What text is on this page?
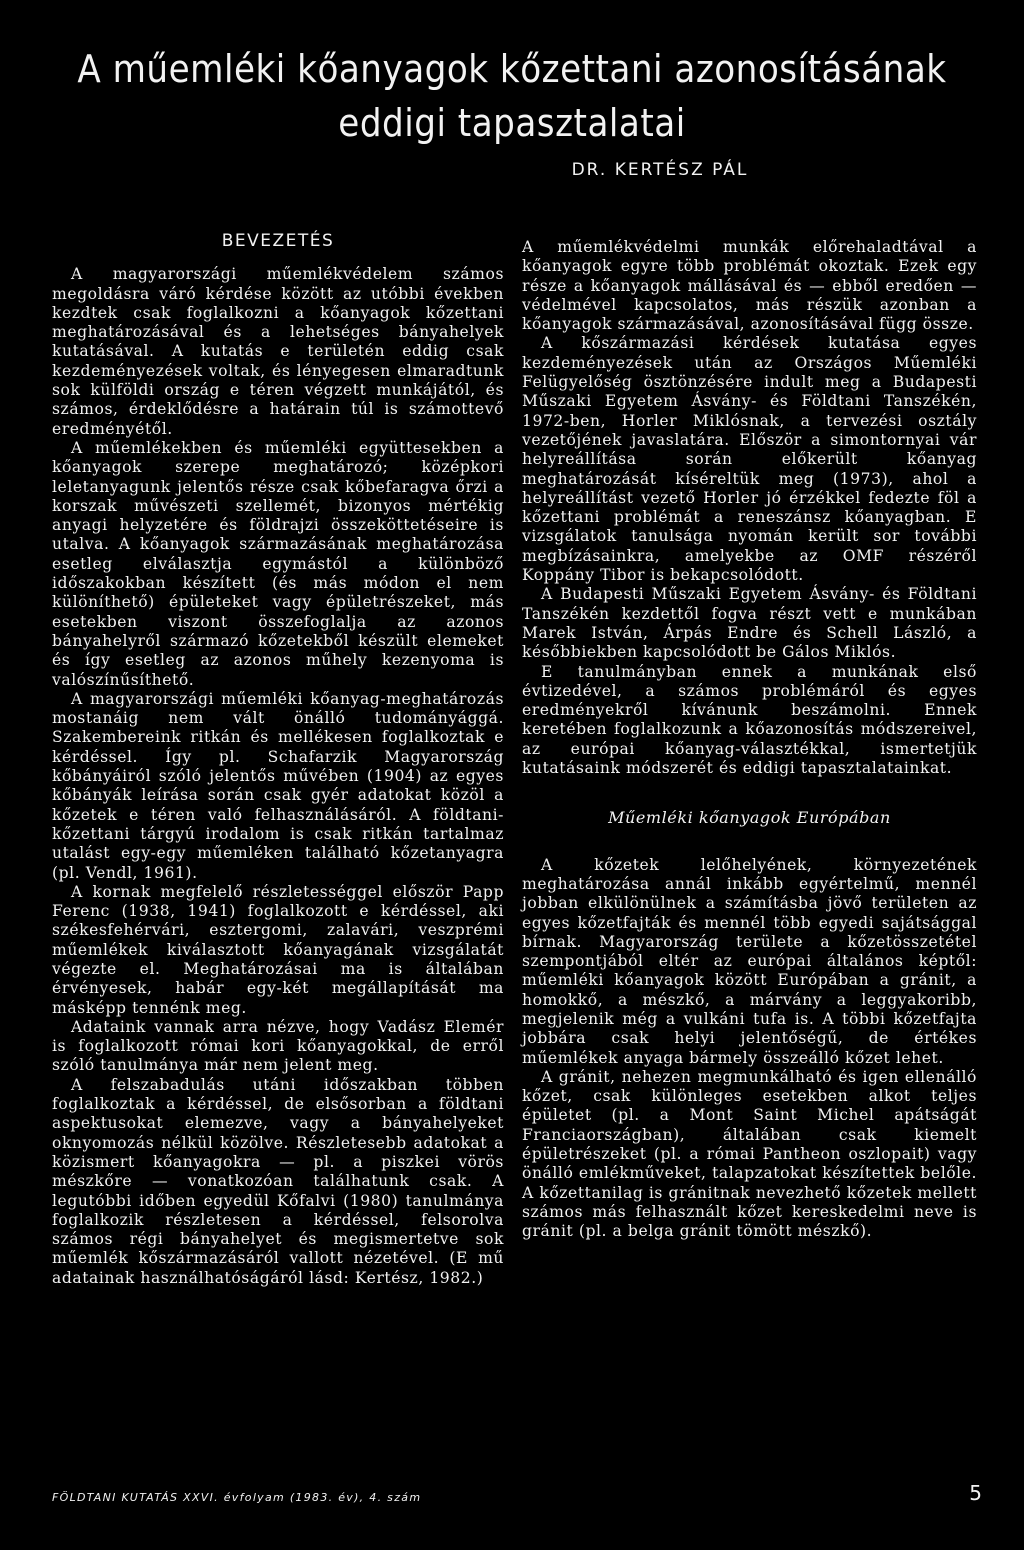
A műemléki kőanyagok kőzettani azonosításának
eddigi tapasztalatai
DR. KERTÉSZ PÁL
BEVEZETÉS

A magyarországi műemlékvédelem számos megoldásra váró kérdése között az utóbbi években kezdtek csak foglalkozni a kőanyagok kőzettani meghatározásával és a lehetséges bányahelyek kutatásával. A kutatás e területén eddig csak kezdeményezések voltak, és lényegesen elmaradtunk sok külföldi ország e téren végzett munkájától, és számos, érdeklődésre a határain túl is számottevő eredményétől.

A műemlékekben és műemléki együttesekben a kőanyagok szerepe meghatározó; középkori leletanyagunk jelentős része csak kőbefaragva őrzi a korszak művészeti szellemét, bizonyos mértékig anyagi helyzetére és földrajzi összeköttetéseire is utalva. A kőanyagok származásának meghatározása esetleg elválasztja egymástól a különböző időszakokban készített (és más módon el nem különíthető) épületeket vagy épületrészeket, más esetekben viszont összefoglalja az azonos bányahelyről származó kőzetekből készült elemeket és így esetleg az azonos műhely kezenyoma is valószínűsíthető.

A magyarországi műemléki kőanyag-meghatározás mostanáig nem vált önálló tudományággá. Szakembereink ritkán és mellékesen foglalkoztak e kérdéssel. Így pl. Schafarzik Magyarország kőbányáiról szóló jelentős művében (1904) az egyes kőbányák leírása során csak gyér adatokat közöl a kőzetek e téren való felhasználásáról. A földtani-kőzettani tárgyú irodalom is csak ritkán tartalmaz utalást egy-egy műemléken található kőzetanyagra (pl. Vendl, 1961).

A kornak megfelelő részletességgel először Papp Ferenc (1938, 1941) foglalkozott e kérdéssel, aki székesfehérvári, esztergomi, zalavári, veszprémi műemlékek kiválasztott kőanyagának vizsgálatát végezte el. Meghatározásai ma is általában érvényesek, habár egy-két megállapítását ma másképp tennénk meg.

Adataink vannak arra nézve, hogy Vadász Elemér is foglalkozott római kori kőanyagokkal, de erről szóló tanulmánya már nem jelent meg.

A felszabadulás utáni időszakban többen foglalkoztak a kérdéssel, de elsősorban a földtani aspektusokat elemezve, vagy a bányahelyeket oknyomozás nélkül közölve. Részletesebb adatokat a közismert kőanyagokra — pl. a piszkei vörös mészkőre — vonatkozóan találhatunk csak. A legutóbbi időben egyedül Kőfalvi (1980) tanulmánya foglalkozik részletesen a kérdéssel, felsorolva számos régi bányahelyet és megismertetve sok műemlék kőszármazásáról vallott nézetével. (E mű adatainak használhatóságáról lásd: Kertész, 1982.)

A műemlékvédelmi munkák előrehaladtával a kőanyagok egyre több problémát okoztak. Ezek egy része a kőanyagok mállásával és — ebből eredően — védelmével kapcsolatos, más részük azonban a kőanyagok származásával, azonosításával függ össze.

A kőszármazási kérdések kutatása egyes kezdeményezések után az Országos Műemléki Felügyelőség ösztönzésére indult meg a Budapesti Műszaki Egyetem Ásvány- és Földtani Tanszékén, 1972-ben, Horler Miklósnak, a tervezési osztály vezetőjének javaslatára. Először a simontornyai vár helyreállítása során előkerült kőanyag meghatározását kíséreltük meg (1973), ahol a helyreállítást vezető Horler jó érzékkel fedezte föl a kőzettani problémát a reneszánsz kőanyagban. E vizsgálatok tanulsága nyomán került sor további megbízásainkra, amelyekbe az OMF részéről Koppány Tibor is bekapcsolódott.

A Budapesti Műszaki Egyetem Ásvány- és Földtani Tanszékén kezdettől fogva részt vett e munkában Marek István, Árpás Endre és Schell László, a későbbiekben kapcsolódott be Gálos Miklós.

E tanulmányban ennek a munkának első évtizedével, a számos problémáról és egyes eredményekről kívánunk beszámolni. Ennek keretében foglalkozunk a kőazonosítás módszereivel, az európai kőanyag-választékkal, ismertetjük kutatásaink módszerét és eddigi tapasztalatainkat.

Műemléki kőanyagok Európában

A kőzetek lelőhelyének, környezetének meghatározása annál inkább egyértelmű, mennél jobban elkülönülnek a számításba jövő területen az egyes kőzetfajták és mennél több egyedi sajátsággal bírnak. Magyarország területe a kőzetösszetétel szempontjából eltér az európai általános képtől: műemléki kőanyagok között Európában a gránit, a homokkő, a mészkő, a márvány a leggyakoribb, megjelenik még a vulkáni tufa is. A többi kőzetfajta jobbára csak helyi jelentőségű, de értékes műemlékek anyaga bármely összeálló kőzet lehet.

A gránit, nehezen megmunkálható és igen ellenálló kőzet, csak különleges esetekben alkot teljes épületet (pl. a Mont Saint Michel apátságát Franciaországban), általában csak kiemelt épületrészeket (pl. a római Pantheon oszlopait) vagy önálló emlékműveket, talapzatokat készítettek belőle. A kőzettanilag is gránitnak nevezhető kőzetek mellett számos más felhasznált kőzet kereskedelmi neve is gránit (pl. a belga gránit tömött mészkő).

FÖLDTANI KUTATÁS XXVI. évfolyam (1983. év), 4. szám	5
